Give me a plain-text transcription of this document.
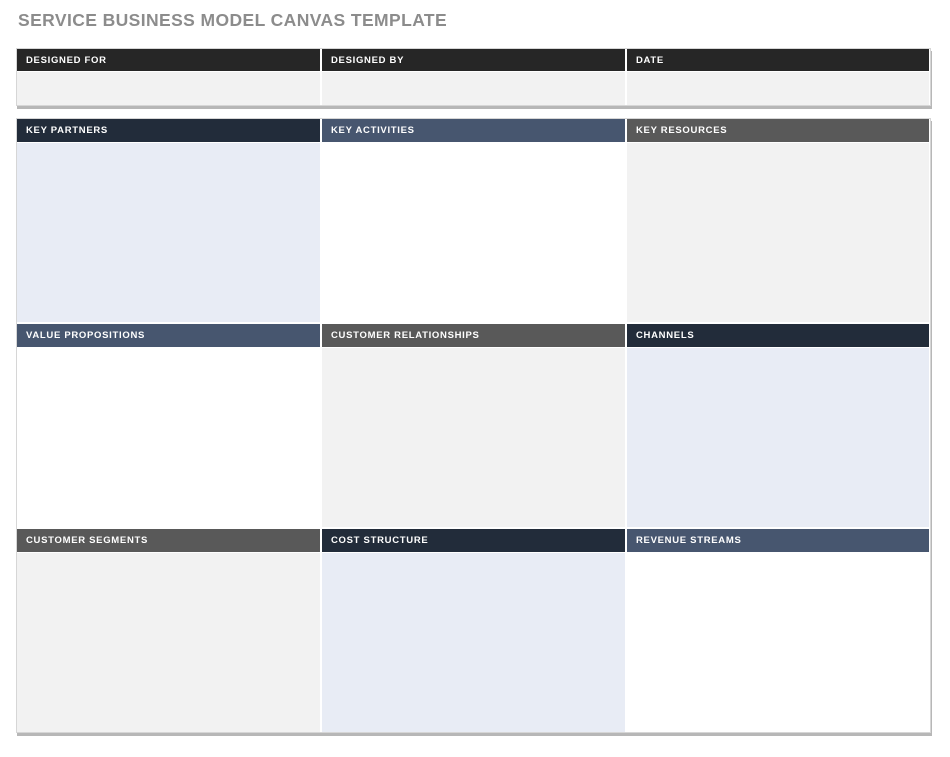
SERVICE BUSINESS MODEL CANVAS TEMPLATE
DESIGNED FOR	DESIGNED BY	DATE
KEY PARTNERS	KEY ACTIVITIES	KEY RESOURCES
VALUE PROPOSITIONS	CUSTOMER RELATIONSHIPS	CHANNELS
CUSTOMER SEGMENTS	COST STRUCTURE	REVENUE STREAMS
